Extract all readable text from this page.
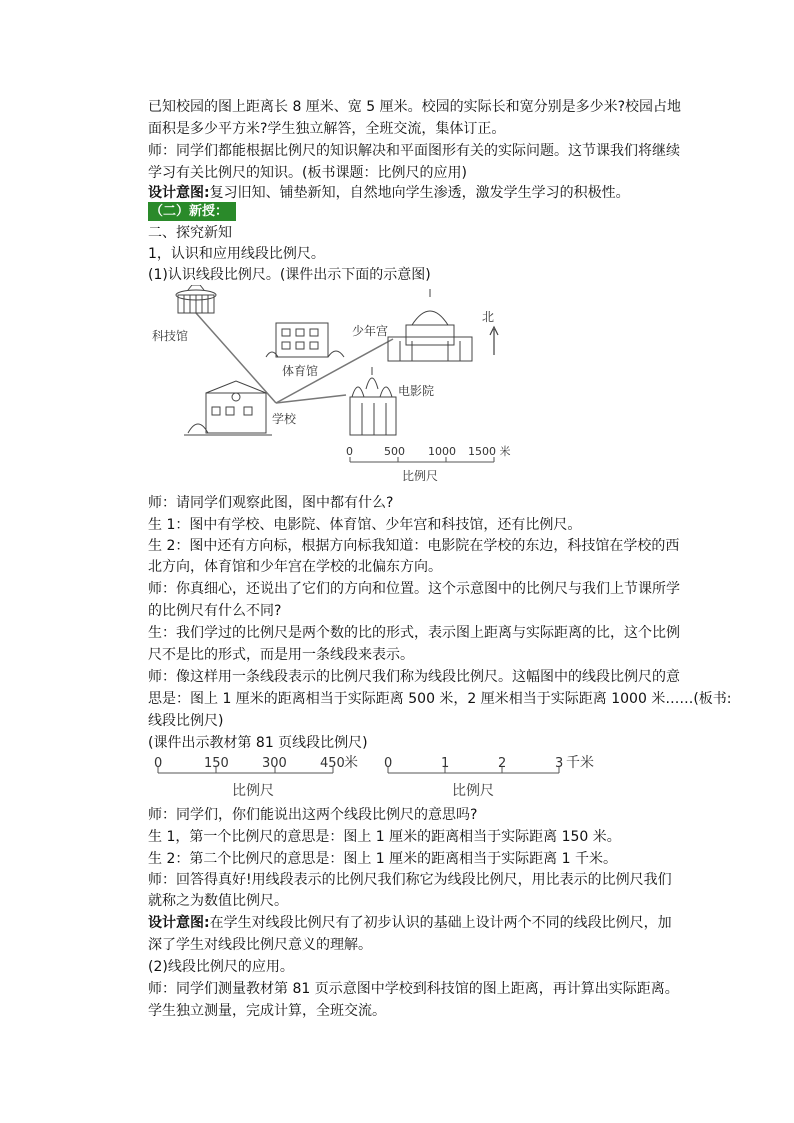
已知校园的图上距离长 8 厘米、宽 5 厘米。校园的实际长和宽分别是多少米?校园占地

面积是多少平方米?学生独立解答，全班交流，集体订正。

师：同学们都能根据比例尺的知识解决和平面图形有关的实际问题。这节课我们将继续

学习有关比例尺的知识。(板书课题：比例尺的应用)

设计意图:复习旧知、铺垫新知，自然地向学生渗透，激发学生学习的积极性。

（二）新授：

二、探究新知

1，认识和应用线段比例尺。

(1)认识线段比例尺。(课件出示下面的示意图)

科技馆
体育馆
少年宫
北
学校
电影院
0	500 1000 1500 米
比例尺

师：请同学们观察此图，图中都有什么?

生 1：图中有学校、电影院、体育馆、少年宫和科技馆，还有比例尺。

生 2：图中还有方向标，根据方向标我知道：电影院在学校的东边，科技馆在学校的西

北方向，体育馆和少年宫在学校的北偏东方向。

师：你真细心，还说出了它们的方向和位置。这个示意图中的比例尺与我们上节课所学

的比例尺有什么不同?

生：我们学过的比例尺是两个数的比的形式，表示图上距离与实际距离的比，这个比例

尺不是比的形式，而是用一条线段来表示。

师：像这样用一条线段表示的比例尺我们称为线段比例尺。这幅图中的线段比例尺的意

思是：图上 1 厘米的距离相当于实际距离 500 米，2 厘米相当于实际距离 1000 米……(板书:

线段比例尺)

(课件出示教材第 81 页线段比例尺)

0	150	300	450 米
比例尺
0	1	2	3 千米
比例尺

师：同学们，你们能说出这两个线段比例尺的意思吗?

生 1，第一个比例尺的意思是：图上 1 厘米的距离相当于实际距离 150 米。

生 2：第二个比例尺的意思是：图上 1 厘米的距离相当于实际距离 1 千米。

师：回答得真好!用线段表示的比例尺我们称它为线段比例尺，用比表示的比例尺我们

就称之为数值比例尺。

设计意图:在学生对线段比例尺有了初步认识的基础上设计两个不同的线段比例尺，加

深了学生对线段比例尺意义的理解。

(2)线段比例尺的应用。

师：同学们测量教材第 81 页示意图中学校到科技馆的图上距离，再计算出实际距离。

学生独立测量，完成计算，全班交流。
